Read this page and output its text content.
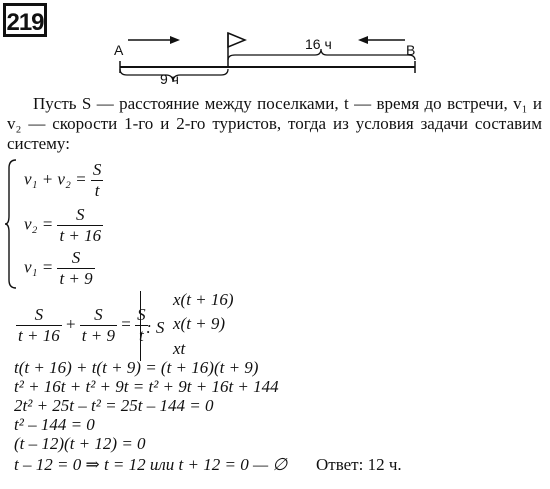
219
A	B
16 ч
9 ч
Пусть S — расстояние между поселками, t — время до встречи, v₁ и v₂ — скорости 1-го и 2-го туристов, тогда из условия задачи составим систему:
$v_1 + v_2 = \frac{S}{t}$
$v_2 = \frac{S}{t + 16}$
$v_1 = \frac{S}{t + 9}$
$\frac{S}{t + 16} + \frac{S}{t + 9} = \frac{S}{t}$
: S
x(t + 16)
x(t + 9)
xt
t(t + 16) + t(t + 9) = (t + 16)(t + 9)
t² + 16t + t² + 9t = t² + 9t + 16t + 144
2t² + 25t – t² = 25t – 144 = 0
t² – 144 = 0
(t – 12)(t + 12) = 0
t – 12 = 0 ⇒ t = 12 или t + 12 = 0 — ∅ Ответ: 12 ч.
